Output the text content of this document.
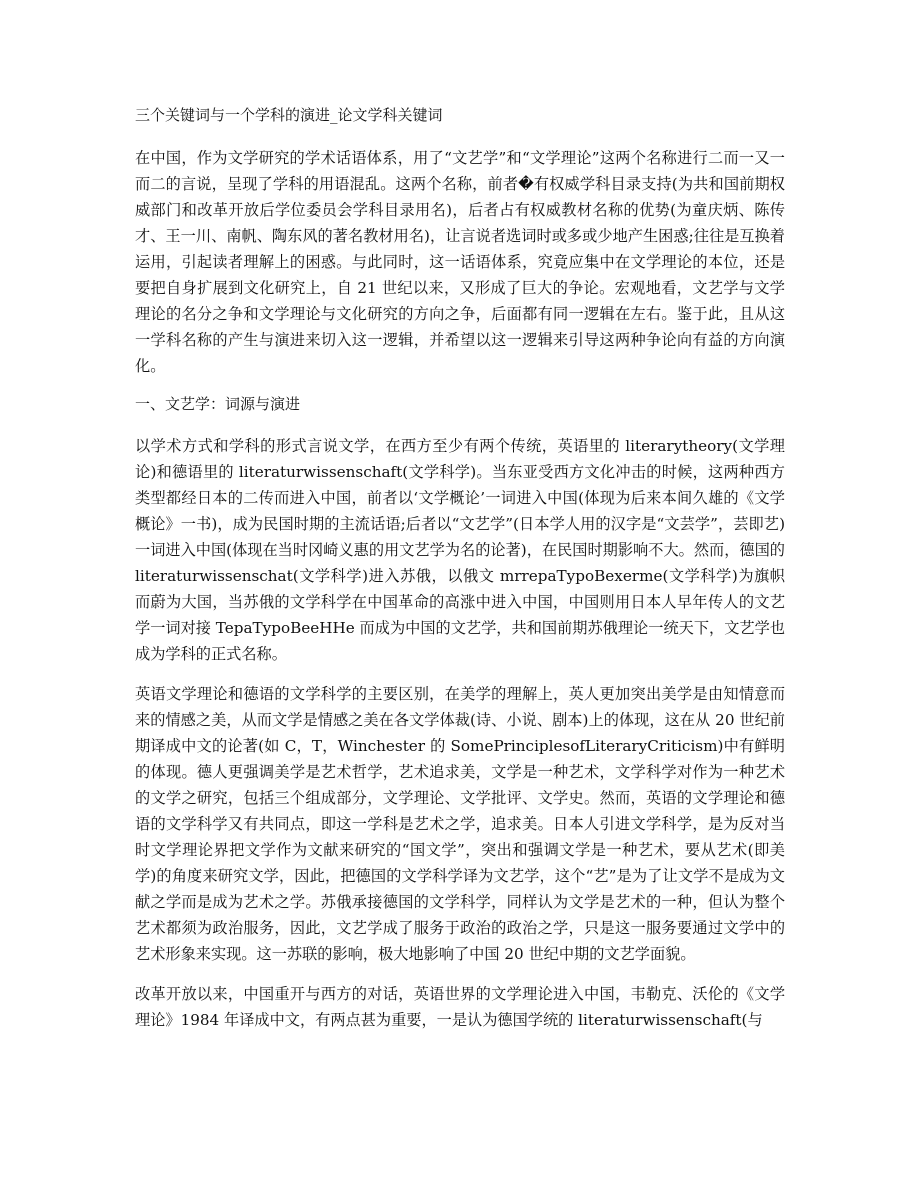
三个关键词与一个学科的演进_论文学科关键词

在中国，作为文学研究的学术话语体系，用了“文艺学”和“文学理论”这两个名称进行二而一又一而二的言说，呈现了学科的用语混乱。这两个名称，前者�有权威学科目录支持(为共和国前期权威部门和改革开放后学位委员会学科目录用名)，后者占有权威教材名称的优势(为童庆炳、陈传才、王一川、南帆、陶东风的著名教材用名)，让言说者选词时或多或少地产生困惑;往往是互换着运用，引起读者理解上的困惑。与此同时，这一话语体系，究竟应集中在文学理论的本位，还是要把自身扩展到文化研究上，自 21 世纪以来，又形成了巨大的争论。宏观地看，文艺学与文学理论的名分之争和文学理论与文化研究的方向之争，后面都有同一逻辑在左右。鉴于此，且从这一学科名称的产生与演进来切入这一逻辑，并希望以这一逻辑来引导这两种争论向有益的方向演化。

一、文艺学：词源与演进

以学术方式和学科的形式言说文学，在西方至少有两个传统，英语里的 literarytheory(文学理论)和德语里的 literaturwissenschaft(文学科学)。当东亚受西方文化冲击的时候，这两种西方类型都经日本的二传而进入中国，前者以‘文学概论’一词进入中国(体现为后来本间久雄的《文学概论》一书)，成为民国时期的主流话语;后者以“文艺学”(日本学人用的汉字是“文芸学”，芸即艺)一词进入中国(体现在当时冈崎义惠的用文艺学为名的论著)，在民国时期影响不大。然而，德国的 literaturwissenschat(文学科学)进入苏俄，以俄文 mrrepaTypoBexerme(文学科学)为旗帜而蔚为大国，当苏俄的文学科学在中国革命的高涨中进入中国，中国则用日本人早年传人的文艺学一词对接 TepaTypoBeeHHe 而成为中国的文艺学，共和国前期苏俄理论一统天下，文艺学也成为学科的正式名称。

英语文学理论和德语的文学科学的主要区别，在美学的理解上，英人更加突出美学是由知情意而来的情感之美，从而文学是情感之美在各文学体裁(诗、小说、剧本)上的体现，这在从 20 世纪前期译成中文的论著(如 C，T，Winchester 的 SomePrinciplesofLiteraryCriticism)中有鲜明的体现。德人更强调美学是艺术哲学，艺术追求美，文学是一种艺术，文学科学对作为一种艺术的文学之研究，包括三个组成部分，文学理论、文学批评、文学史。然而，英语的文学理论和德语的文学科学又有共同点，即这一学科是艺术之学，追求美。日本人引进文学科学，是为反对当时文学理论界把文学作为文献来研究的“国文学”，突出和强调文学是一种艺术，要从艺术(即美学)的角度来研究文学，因此，把德国的文学科学译为文艺学，这个“艺”是为了让文学不是成为文献之学而是成为艺术之学。苏俄承接德国的文学科学，同样认为文学是艺术的一种，但认为整个艺术都须为政治服务，因此，文艺学成了服务于政治的政治之学，只是这一服务要通过文学中的艺术形象来实现。这一苏联的影响，极大地影响了中国 20 世纪中期的文艺学面貌。

改革开放以来，中国重开与西方的对话，英语世界的文学理论进入中国，韦勒克、沃伦的《文学理论》1984 年译成中文，有两点甚为重要，一是认为德国学统的 literaturwissenschaft(与
